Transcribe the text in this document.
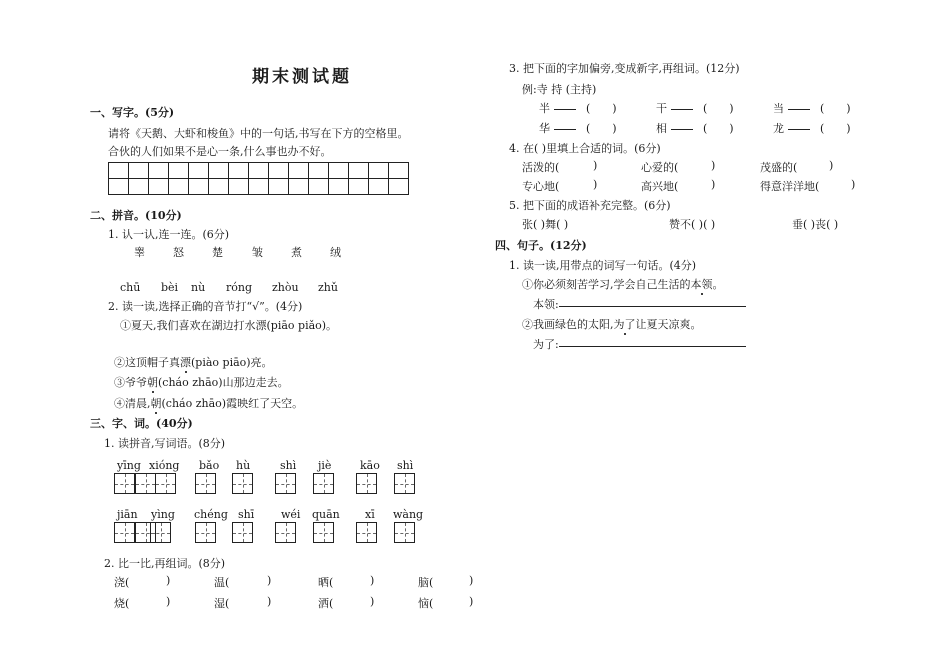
期末测试题
一、写字。(5分)
请将《天鹅、大虾和梭鱼》中的一句话,书写在下方的空格里。
合伙的人们如果不是心一条,什么事也办不好。

二、拼音。(10分)
1. 认一认,连一连。(6分)
睾	怒	楚	皱	煮	绒
chū bèi nù róng zhòu zhǔ
2. 读一读,选择正确的音节打“√”。(4分)
①夏天,我们喜欢在湖边打水漂(piāo piǎo)。
②这顶帽子真漂(piào piāo)亮。
③爷爷朝(cháo zhāo)山那边走去。
④清晨,朝(cháo zhāo)霞映红了天空。
三、字、词。(40分)
1. 读拼音,写词语。(8分)
yīng xióng bǎo hù	shì jiè	kāo shì
jiān yìng chéng shī wéi quān xī wàng
2. 比一比,再组词。(8分)
浇(	)	温(	)	晒(	)	脑(	)
烧(	)	湿(	)	洒(	)	恼(	)
3. 把下面的字加偏旁,变成新字,再组词。(12分)
例:寺 持 (主持)
半	( )	干	( )	当	( )
华	( )	相	( )	龙	( )
4. 在( )里填上合适的词。(6分)
活泼的(	)	心爱的(	)	茂盛的(	)
专心地(	)	高兴地(	)	得意洋洋地(	)
5. 把下面的成语补充完整。(6分)
张( )舞( )	赞不( )( )	垂( )丧( )
四、句子。(12分)
1. 读一读,用带点的词写一句话。(4分)
①你必须刻苦学习,学会自己生活的本领。
本领:
②我画绿色的太阳,为了让夏天凉爽。
为了:
